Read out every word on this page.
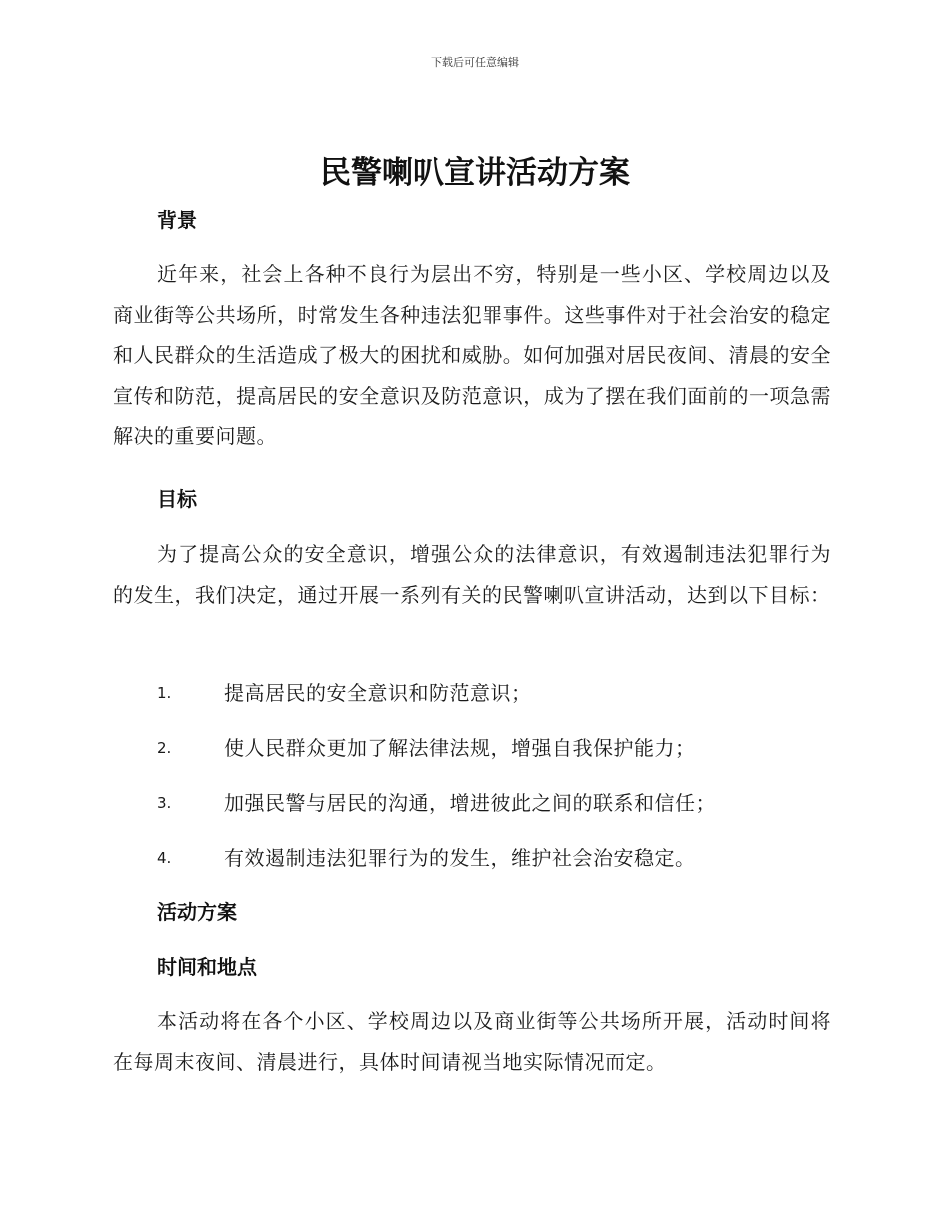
下载后可任意编辑
民警喇叭宣讲活动方案
背景

近年来，社会上各种不良行为层出不穷，特别是一些小区、学校周边以及商业街等公共场所，时常发生各种违法犯罪事件。这些事件对于社会治安的稳定和人民群众的生活造成了极大的困扰和威胁。如何加强对居民夜间、清晨的安全宣传和防范，提高居民的安全意识及防范意识，成为了摆在我们面前的一项急需解决的重要问题。

目标

为了提高公众的安全意识，增强公众的法律意识，有效遏制违法犯罪行为的发生，我们决定，通过开展一系列有关的民警喇叭宣讲活动，达到以下目标：

1.	提高居民的安全意识和防范意识；
2.	使人民群众更加了解法律法规，增强自我保护能力；
3.	加强民警与居民的沟通，增进彼此之间的联系和信任；
4.	有效遏制违法犯罪行为的发生，维护社会治安稳定。
活动方案
时间和地点

本活动将在各个小区、学校周边以及商业街等公共场所开展，活动时间将在每周末夜间、清晨进行，具体时间请视当地实际情况而定。
